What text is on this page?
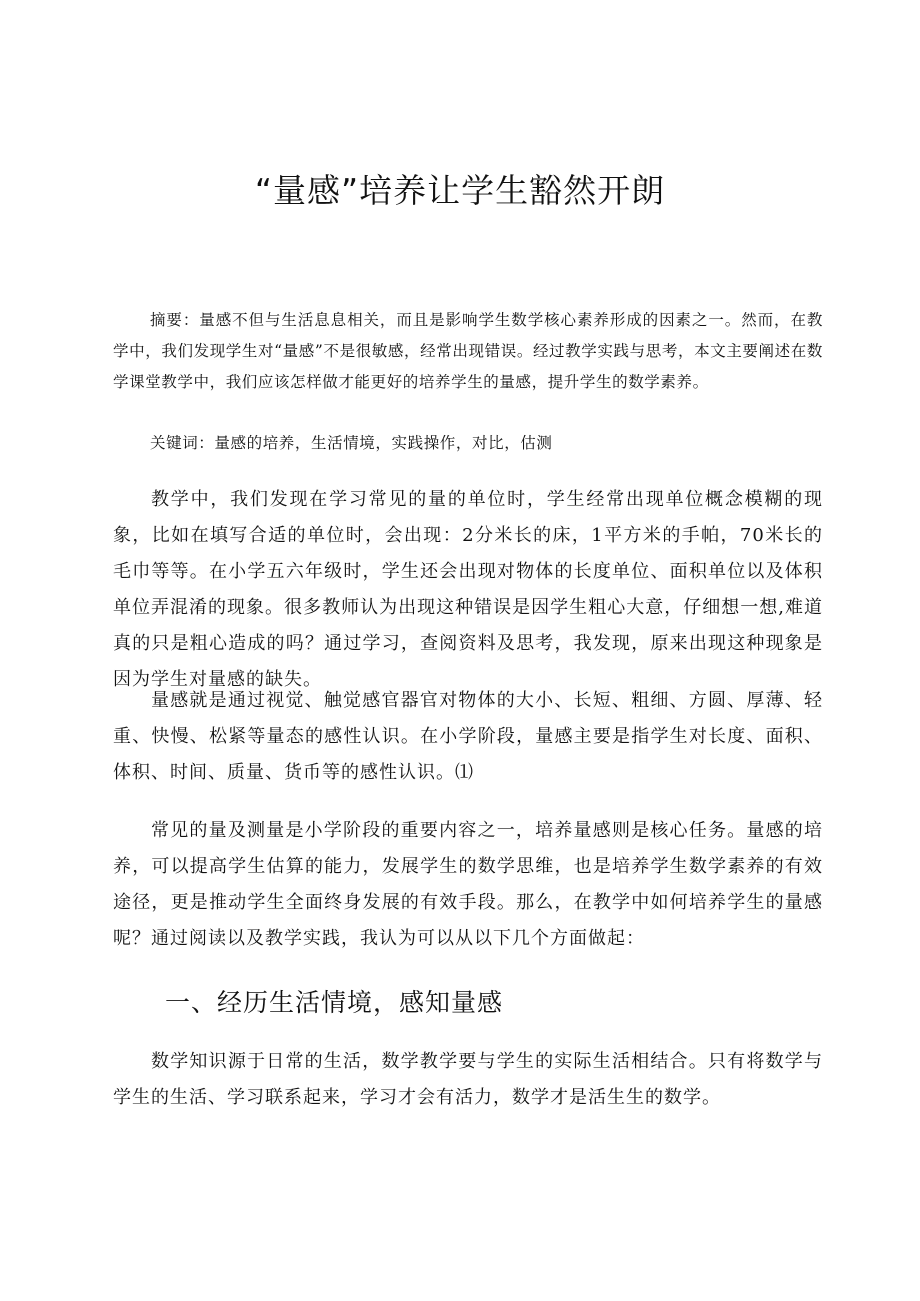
“量感”培养让学生豁然开朗

摘要：量感不但与生活息息相关，而且是影响学生数学核心素养形成的因素之一。然而，在教学中，我们发现学生对“量感”不是很敏感，经常出现错误。经过教学实践与思考，本文主要阐述在数学课堂教学中，我们应该怎样做才能更好的培养学生的量感，提升学生的数学素养。

关键词：量感的培养，生活情境，实践操作，对比，估测

教学中，我们发现在学习常见的量的单位时，学生经常出现单位概念模糊的现象，比如在填写合适的单位时，会出现：2分米长的床，1平方米的手帕，70米长的毛巾等等。在小学五六年级时，学生还会出现对物体的长度单位、面积单位以及体积单位弄混淆的现象。很多教师认为出现这种错误是因学生粗心大意，仔细想一想,难道真的只是粗心造成的吗？通过学习，查阅资料及思考，我发现，原来出现这种现象是因为学生对量感的缺失。

量感就是通过视觉、触觉感官器官对物体的大小、长短、粗细、方圆、厚薄、轻重、快慢、松紧等量态的感性认识。在小学阶段，量感主要是指学生对长度、面积、体积、时间、质量、货币等的感性认识。⑴

常见的量及测量是小学阶段的重要内容之一，培养量感则是核心任务。量感的培养，可以提高学生估算的能力，发展学生的数学思维，也是培养学生数学素养的有效途径，更是推动学生全面终身发展的有效手段。那么，在教学中如何培养学生的量感呢？通过阅读以及教学实践，我认为可以从以下几个方面做起：

一、经历生活情境，感知量感

数学知识源于日常的生活，数学教学要与学生的实际生活相结合。只有将数学与学生的生活、学习联系起来，学习才会有活力，数学才是活生生的数学。
